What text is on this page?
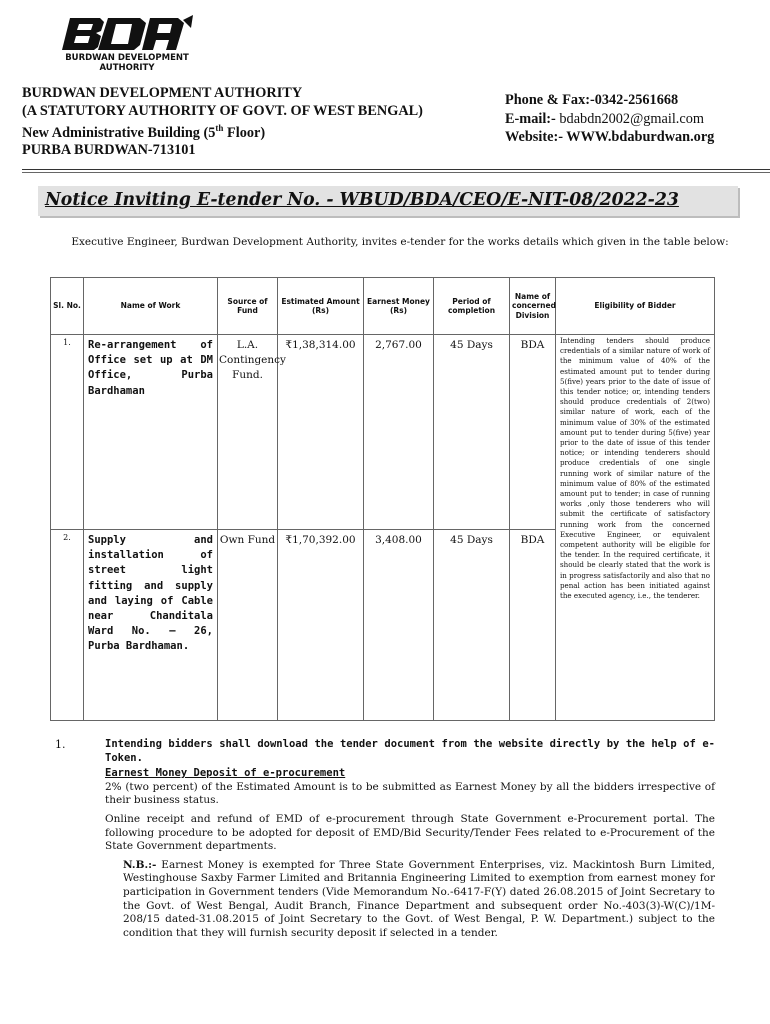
BURDWAN DEVELOPMENT
AUTHORITY
BURDWAN DEVELOPMENT AUTHORITY
(A STATUTORY AUTHORITY OF GOVT. OF WEST BENGAL)
New Administrative Building (5th Floor)
PURBA BURDWAN-713101
Phone & Fax:-0342-2561668
E-mail:- bdabdn2002@gmail.com
Website:- WWW.bdaburdwan.org
Notice Inviting E-tender No. - WBUD/BDA/CEO/E-NIT-08/2022-23
Executive Engineer, Burdwan Development Authority, invites e-tender for the works details which given in the table below:
Sl. No.	Name of Work	Source of Fund	Estimated Amount (Rs)	Earnest Money (Rs)	Period of completion	Name of concerned Division	Eligibility of Bidder
1.	Re-arrangement of Office set up at DM Office, Purba Bardhaman	L.A. Contingency Fund.	₹1,38,314.00	2,767.00	45 Days	BDA	Intending tenders should produce credentials of a similar nature of work of the minimum value of 40% of the estimated amount put to tender during 5(five) years prior to the date of issue of this tender notice; or, intending tenders should produce credentials of 2(two) similar nature of work, each of the minimum value of 30% of the estimated amount put to tender during 5(five) year prior to the date of issue of this tender notice; or intending tenderers should produce credentials of one single running work of similar nature of the minimum value of 80% of the estimated amount put to tender; in case of running works ,only those tenderers who will submit the certificate of satisfactory running work from the concerned Executive Engineer, or equivalent competent authority will be eligible for the tender. In the required certificate, it should be clearly stated that the work is in progress satisfactorily and also that no penal action has been initiated against the executed agency, i.e., the tenderer.
2.	Supply and installation of street light fitting and supply and laying of Cable near Chanditala Ward No. – 26, Purba Bardhaman.	Own Fund	₹1,70,392.00	3,408.00	45 Days	BDA	
1.	Intending bidders shall download the tender document from the website directly by the help of e-Token.
Earnest Money Deposit of e-procurement
2% (two percent) of the Estimated Amount is to be submitted as Earnest Money by all the bidders irrespective of their business status.
Online receipt and refund of EMD of e-procurement through State Government e-Procurement portal. The following procedure to be adopted for deposit of EMD/Bid Security/Tender Fees related to e-Procurement of the State Government departments.
N.B.:- Earnest Money is exempted for Three State Government Enterprises, viz. Mackintosh Burn Limited, Westinghouse Saxby Farmer Limited and Britannia Engineering Limited to exemption from earnest money for participation in Government tenders (Vide Memorandum No.-6417-F(Y) dated 26.08.2015 of Joint Secretary to the Govt. of West Bengal, Audit Branch, Finance Department and subsequent order No.-403(3)-W(C)/1M-208/15 dated-31.08.2015 of Joint Secretary to the Govt. of West Bengal, P. W. Department.) subject to the condition that they will furnish security deposit if selected in a tender.
